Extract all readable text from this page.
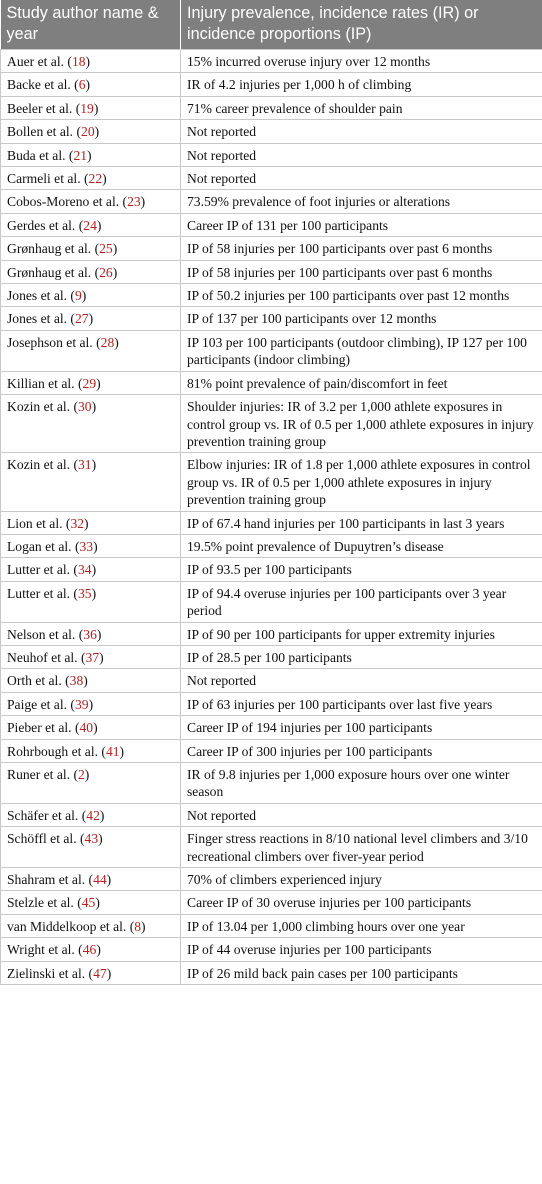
Study author name & year	Injury prevalence, incidence rates (IR) or incidence proportions (IP)
Auer et al. (18)	15% incurred overuse injury over 12 months
Backe et al. (6)	IR of 4.2 injuries per 1,000 h of climbing
Beeler et al. (19)	71% career prevalence of shoulder pain
Bollen et al. (20)	Not reported
Buda et al. (21)	Not reported
Carmeli et al. (22)	Not reported
Cobos-Moreno et al. (23)	73.59% prevalence of foot injuries or alterations
Gerdes et al. (24)	Career IP of 131 per 100 participants
Grønhaug et al. (25)	IP of 58 injuries per 100 participants over past 6 months
Grønhaug et al. (26)	IP of 58 injuries per 100 participants over past 6 months
Jones et al. (9)	IP of 50.2 injuries per 100 participants over past 12 months
Jones et al. (27)	IP of 137 per 100 participants over 12 months
Josephson et al. (28)	IP 103 per 100 participants (outdoor climbing), IP 127 per 100 participants (indoor climbing)
Killian et al. (29)	81% point prevalence of pain/discomfort in feet
Kozin et al. (30)	Shoulder injuries: IR of 3.2 per 1,000 athlete exposures in control group vs. IR of 0.5 per 1,000 athlete exposures in injury prevention training group
Kozin et al. (31)	Elbow injuries: IR of 1.8 per 1,000 athlete exposures in control group vs. IR of 0.5 per 1,000 athlete exposures in injury prevention training group
Lion et al. (32)	IP of 67.4 hand injuries per 100 participants in last 3 years
Logan et al. (33)	19.5% point prevalence of Dupuytren’s disease
Lutter et al. (34)	IP of 93.5 per 100 participants
Lutter et al. (35)	IP of 94.4 overuse injuries per 100 participants over 3 year period
Nelson et al. (36)	IP of 90 per 100 participants for upper extremity injuries
Neuhof et al. (37)	IP of 28.5 per 100 participants
Orth et al. (38)	Not reported
Paige et al. (39)	IP of 63 injuries per 100 participants over last five years
Pieber et al. (40)	Career IP of 194 injuries per 100 participants
Rohrbough et al. (41)	Career IP of 300 injuries per 100 participants
Runer et al. (2)	IR of 9.8 injuries per 1,000 exposure hours over one winter season
Schäfer et al. (42)	Not reported
Schöffl et al. (43)	Finger stress reactions in 8/10 national level climbers and 3/10 recreational climbers over fiver-year period
Shahram et al. (44)	70% of climbers experienced injury
Stelzle et al. (45)	Career IP of 30 overuse injuries per 100 participants
van Middelkoop et al. (8)	IP of 13.04 per 1,000 climbing hours over one year
Wright et al. (46)	IP of 44 overuse injuries per 100 participants
Zielinski et al. (47)	IP of 26 mild back pain cases per 100 participants
